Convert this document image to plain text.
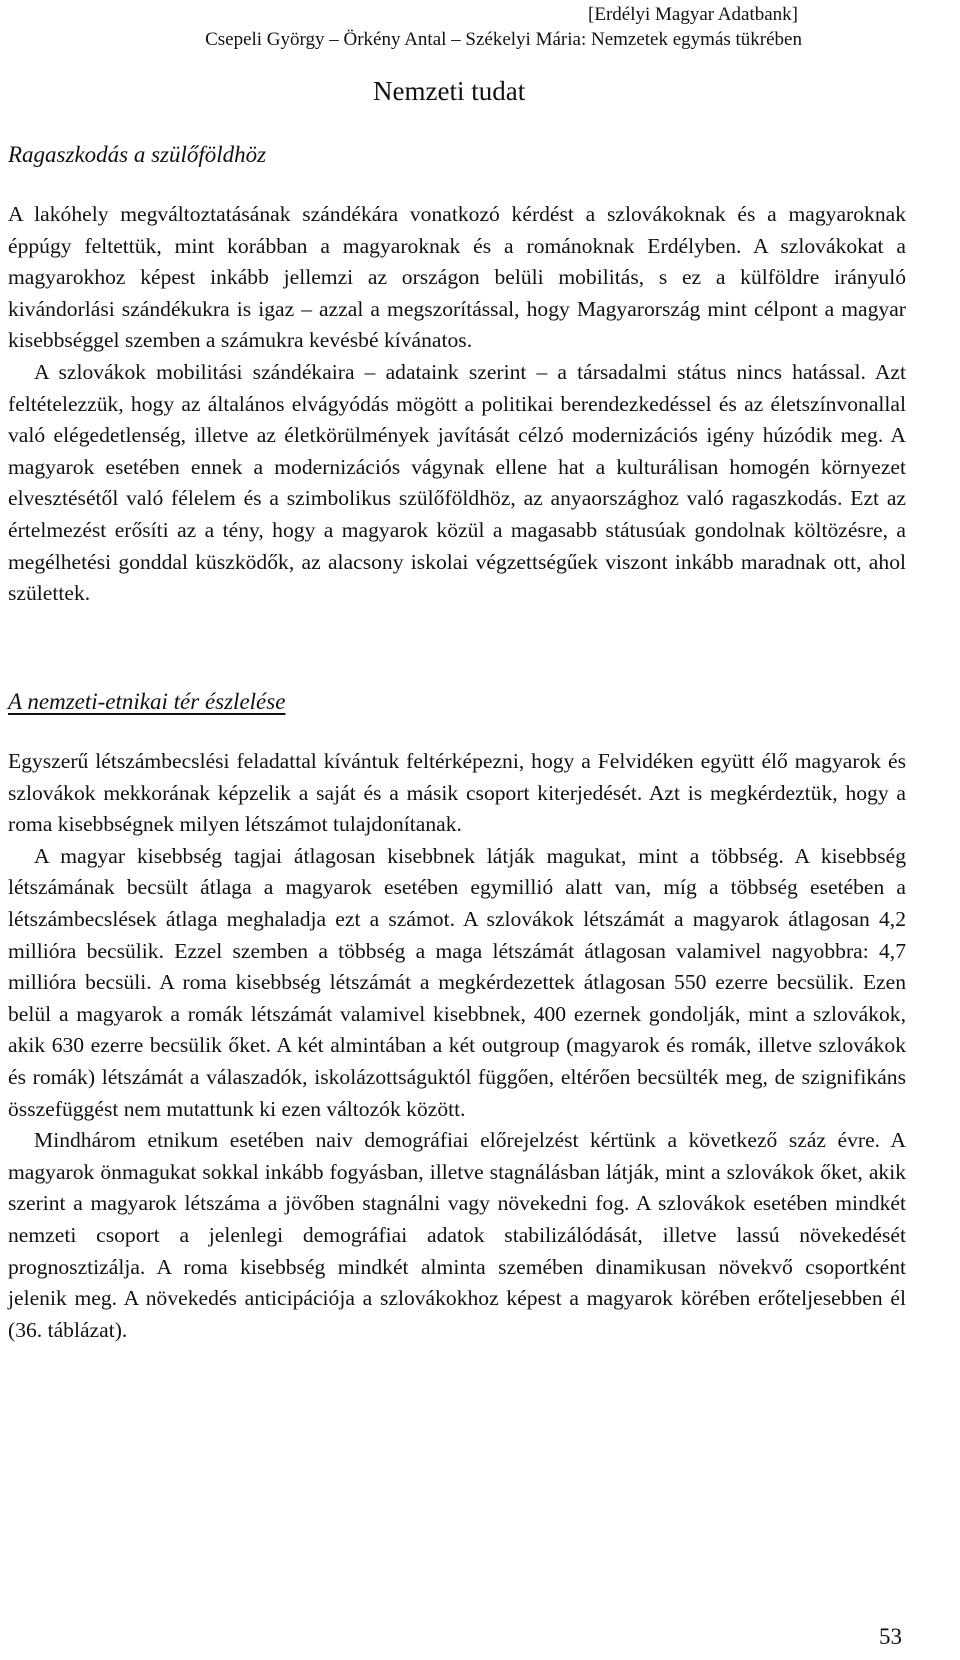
[Erdélyi Magyar Adatbank]
Csepeli György – Örkény Antal – Székelyi Mária: Nemzetek egymás tükrében
Nemzeti tudat
Ragaszkodás a szülőföldhöz

A lakóhely megváltoztatásának szándékára vonatkozó kérdést a szlovákoknak és a magyaroknak éppúgy feltettük, mint korábban a magyaroknak és a románoknak Erdélyben. A szlovákokat a magyarokhoz képest inkább jellemzi az országon belüli mobilitás, s ez a külföldre irányuló kivándorlási szándékukra is igaz – azzal a megszorítással, hogy Magyarország mint célpont a magyar kisebbséggel szemben a számukra kevésbé kívánatos.

A szlovákok mobilitási szándékaira – adataink szerint – a társadalmi státus nincs hatással. Azt feltételezzük, hogy az általános elvágyódás mögött a politikai berendezkedéssel és az életszínvonallal való elégedetlenség, illetve az életkörülmények javítását célzó modernizációs igény húzódik meg. A magyarok esetében ennek a modernizációs vágynak ellene hat a kulturálisan homogén környezet elvesztésétől való félelem és a szimbolikus szülőföldhöz, az anyaországhoz való ragaszkodás. Ezt az értelmezést erősíti az a tény, hogy a magyarok közül a magasabb státusúak gondolnak költözésre, a megélhetési gonddal küszködők, az alacsony iskolai végzettségűek viszont inkább maradnak ott, ahol születtek.

A nemzeti-etnikai tér észlelése

Egyszerű létszámbecslési feladattal kívántuk feltérképezni, hogy a Felvidéken együtt élő magyarok és szlovákok mekkorának képzelik a saját és a másik csoport kiterjedését. Azt is megkérdeztük, hogy a roma kisebbségnek milyen létszámot tulajdonítanak.

A magyar kisebbség tagjai átlagosan kisebbnek látják magukat, mint a többség. A kisebbség létszámának becsült átlaga a magyarok esetében egymillió alatt van, míg a többség esetében a létszámbecslések átlaga meghaladja ezt a számot. A szlovákok létszámát a magyarok átlagosan 4,2 millióra becsülik. Ezzel szemben a többség a maga létszámát átlagosan valamivel nagyobbra: 4,7 millióra becsüli. A roma kisebbség létszámát a megkérdezettek átlagosan 550 ezerre becsülik. Ezen belül a magyarok a romák létszámát valamivel kisebbnek, 400 ezernek gondolják, mint a szlovákok, akik 630 ezerre becsülik őket. A két almintában a két outgroup (magyarok és romák, illetve szlovákok és romák) létszámát a válaszadók, iskolázottságuktól függően, eltérően becsülték meg, de szignifikáns összefüggést nem mutattunk ki ezen változók között.

Mindhárom etnikum esetében naiv demográfiai előrejelzést kértünk a következő száz évre. A magyarok önmagukat sokkal inkább fogyásban, illetve stagnálásban látják, mint a szlovákok őket, akik szerint a magyarok létszáma a jövőben stagnálni vagy növekedni fog. A szlovákok esetében mindkét nemzeti csoport a jelenlegi demográfiai adatok stabilizálódását, illetve lassú növekedését prognosztizálja. A roma kisebbség mindkét alminta szemében dinamikusan növekvő csoportként jelenik meg. A növekedés anticipációja a szlovákokhoz képest a magyarok körében erőteljesebben él (36. táblázat).

53
